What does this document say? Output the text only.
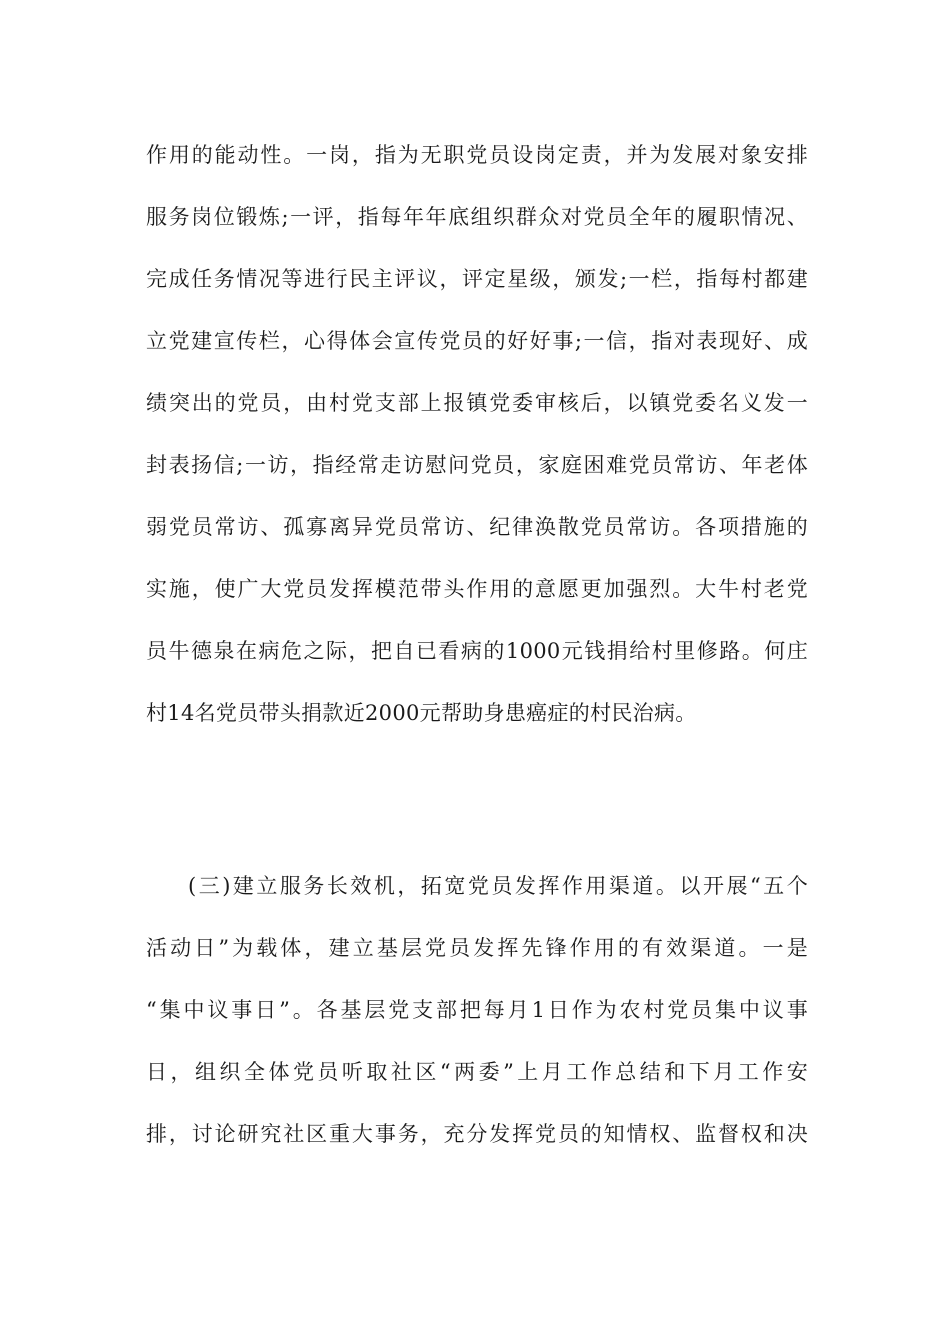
作用的能动性。一岗，指为无职党员设岗定责，并为发展对象安排
服务岗位锻炼;一评，指每年年底组织群众对党员全年的履职情况、
完成任务情况等进行民主评议，评定星级，颁发;一栏，指每村都建
立党建宣传栏，心得体会宣传党员的好好事;一信，指对表现好、成
绩突出的党员，由村党支部上报镇党委审核后，以镇党委名义发一
封表扬信;一访，指经常走访慰问党员，家庭困难党员常访、年老体
弱党员常访、孤寡离异党员常访、纪律涣散党员常访。各项措施的
实施，使广大党员发挥模范带头作用的意愿更加强烈。大牛村老党
员牛德泉在病危之际，把自已看病的1000元钱捐给村里修路。何庄
村14名党员带头捐款近2000元帮助身患癌症的村民治病。
(三)建立服务长效机，拓宽党员发挥作用渠道。以开展“五个
活动日”为载体，建立基层党员发挥先锋作用的有效渠道。一是
“集中议事日”。各基层党支部把每月1日作为农村党员集中议事
日，组织全体党员听取社区“两委”上月工作总结和下月工作安
排，讨论研究社区重大事务，充分发挥党员的知情权、监督权和决
